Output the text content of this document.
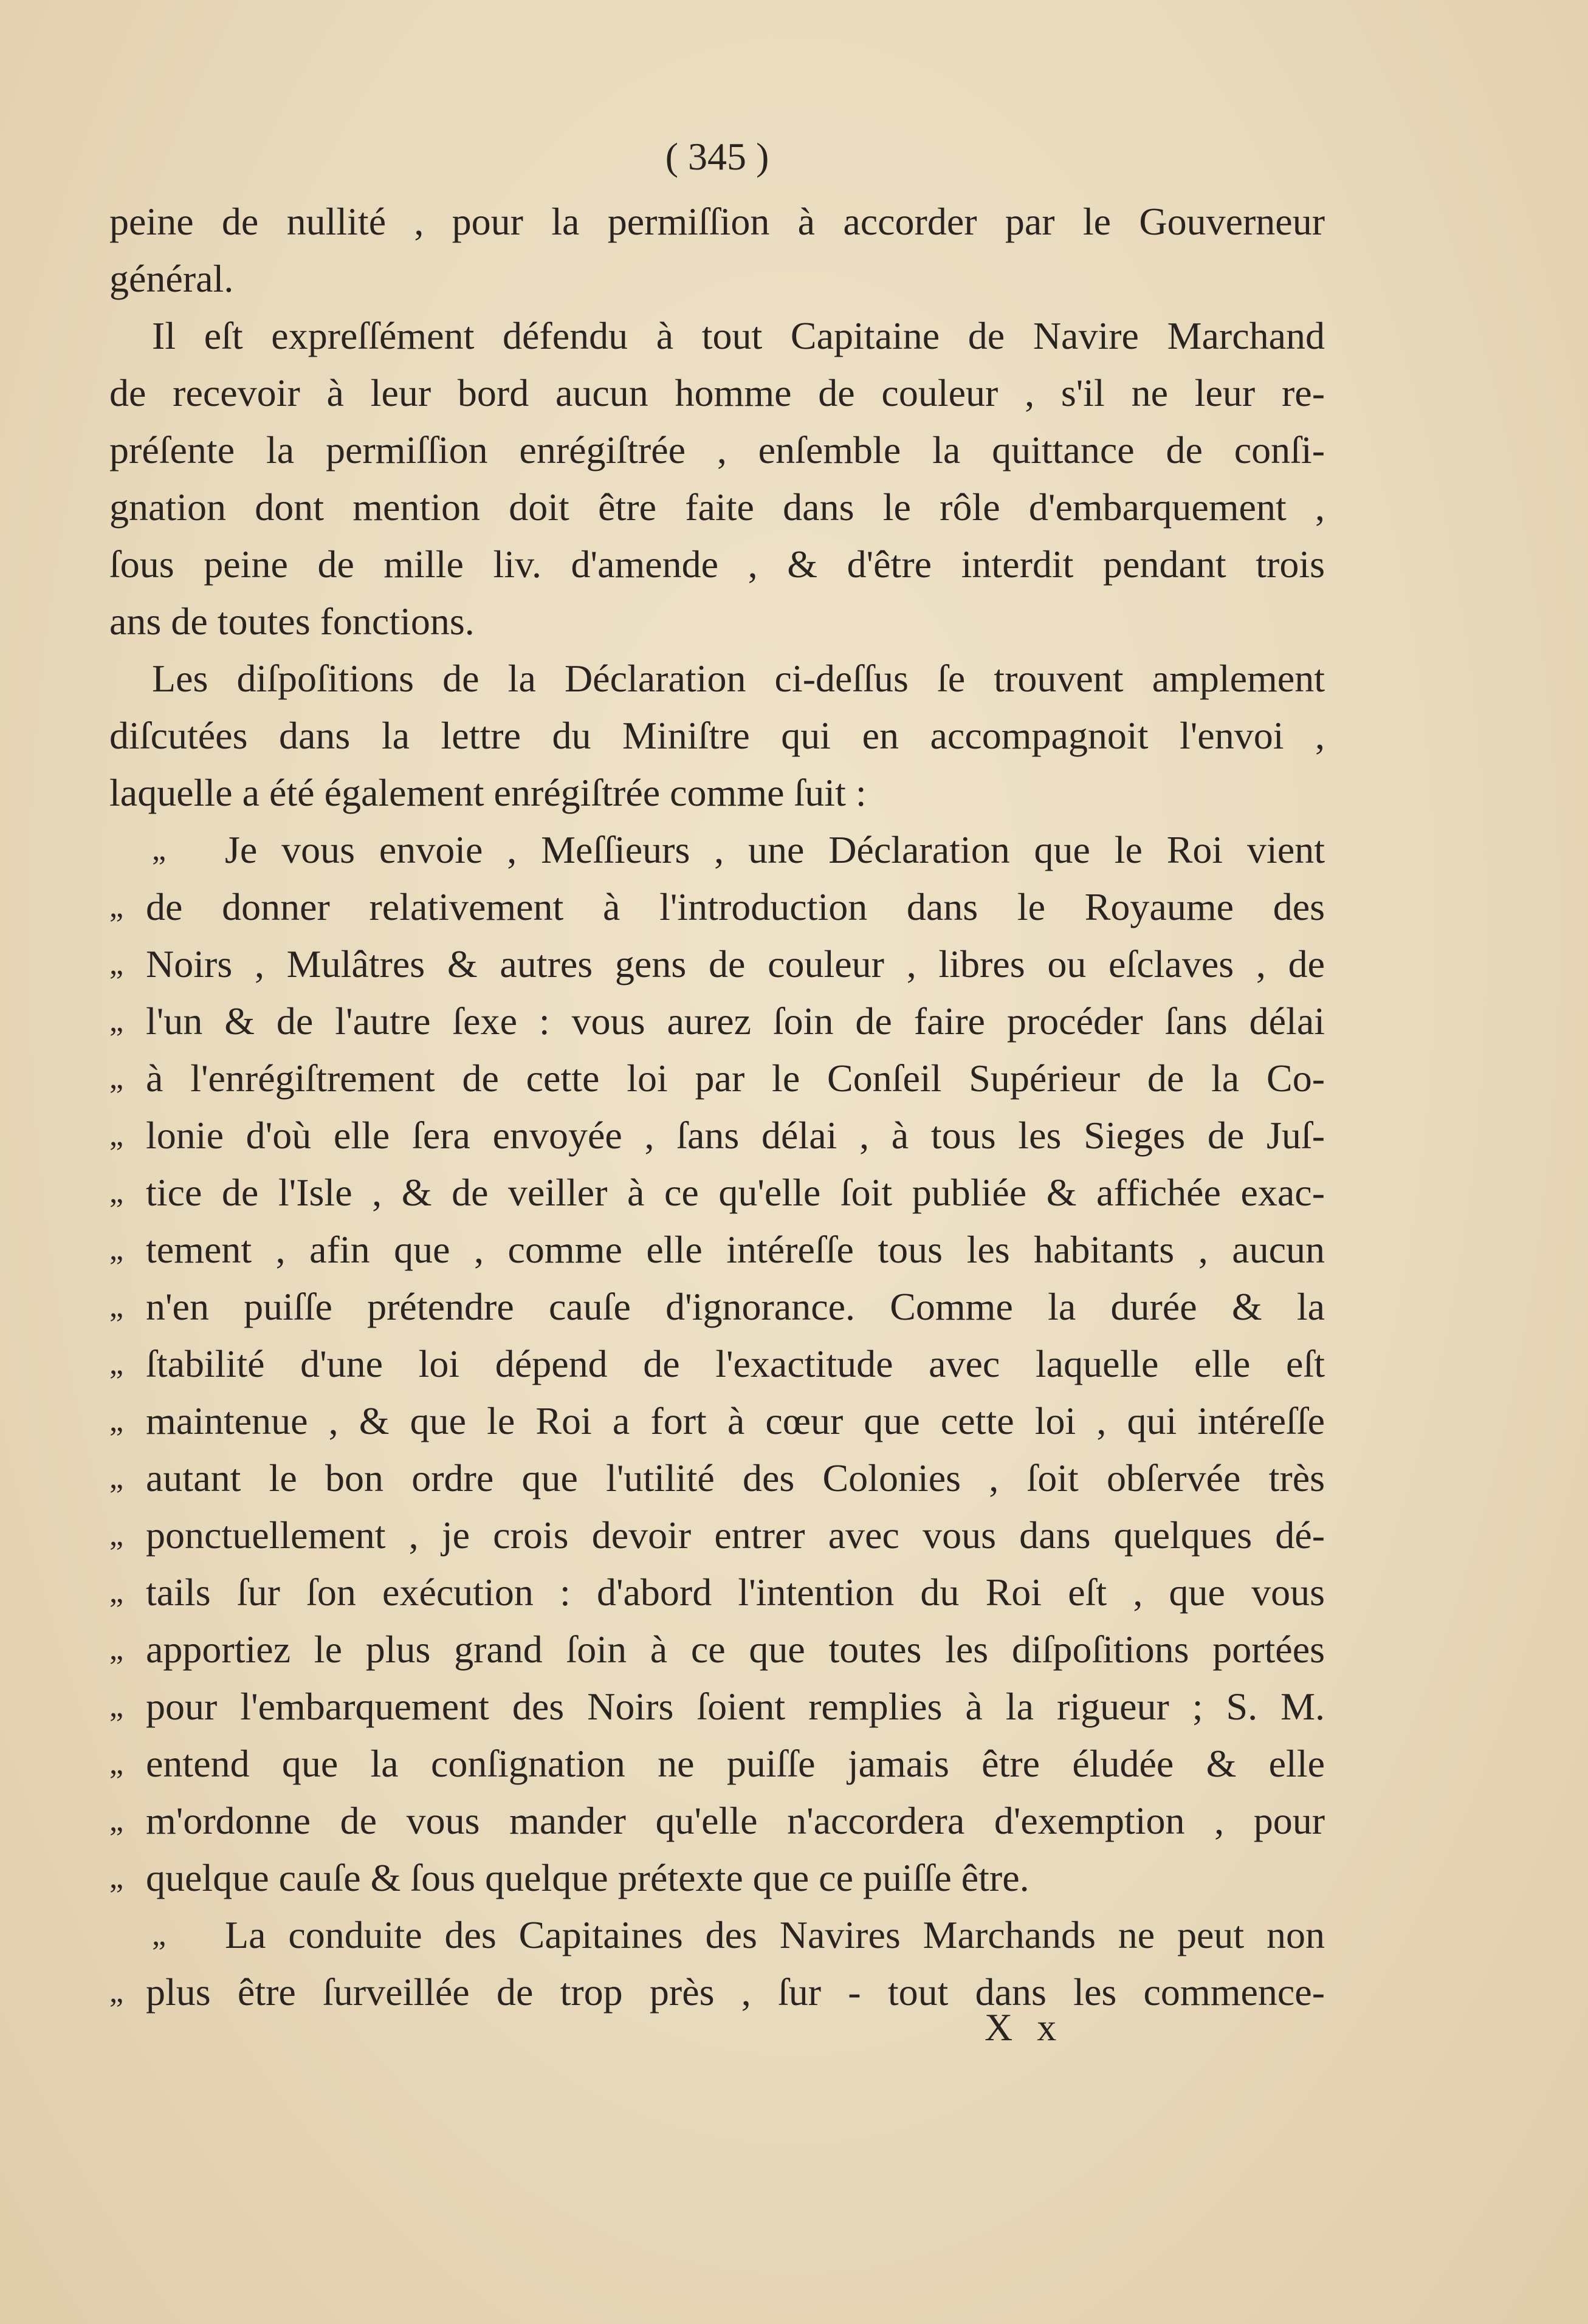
( 345 )
peine de nullité , pour la permiſſion à accorder par le Gouverneur
général.
Il eſt expreſſément défendu à tout Capitaine de Navire Marchand
de recevoir à leur bord aucun homme de couleur , s'il ne leur re-
préſente la permiſſion enrégiſtrée , enſemble la quittance de conſi-
gnation dont mention doit être faite dans le rôle d'embarquement ,
ſous peine de mille liv. d'amende , & d'être interdit pendant trois
ans de toutes fonctions.
Les diſpoſitions de la Déclaration ci-deſſus ſe trouvent amplement
diſcutées dans la lettre du Miniſtre qui en accompagnoit l'envoi ,
laquelle a été également enrégiſtrée comme ſuit :
„	Je vous envoie , Meſſieurs , une Déclaration que le Roi vient
„ de donner relativement à l'introduction dans le Royaume des
„ Noirs , Mulâtres & autres gens de couleur , libres ou eſclaves , de
„ l'un & de l'autre ſexe : vous aurez ſoin de faire procéder ſans délai
„ à l'enrégiſtrement de cette loi par le Conſeil Supérieur de la Co-
„ lonie d'où elle ſera envoyée , ſans délai , à tous les Sieges de Juſ-
„ tice de l'Isle , & de veiller à ce qu'elle ſoit publiée & affichée exac-
„ tement , afin que , comme elle intéreſſe tous les habitants , aucun
„ n'en puiſſe prétendre cauſe d'ignorance. Comme la durée & la
„ ſtabilité d'une loi dépend de l'exactitude avec laquelle elle eſt
„ maintenue , & que le Roi a fort à cœur que cette loi , qui intéreſſe
„ autant le bon ordre que l'utilité des Colonies , ſoit obſervée très
„ ponctuellement , je crois devoir entrer avec vous dans quelques dé-
„ tails ſur ſon exécution : d'abord l'intention du Roi eſt , que vous
„ apportiez le plus grand ſoin à ce que toutes les diſpoſitions portées
„ pour l'embarquement des Noirs ſoient remplies à la rigueur ; S. M.
„ entend que la conſignation ne puiſſe jamais être éludée & elle
„ m'ordonne de vous mander qu'elle n'accordera d'exemption , pour
„ quelque cauſe & ſous quelque prétexte que ce puiſſe être.
„	La conduite des Capitaines des Navires Marchands ne peut non
„ plus être ſurveillée de trop près , ſur - tout dans les commence-
X x
